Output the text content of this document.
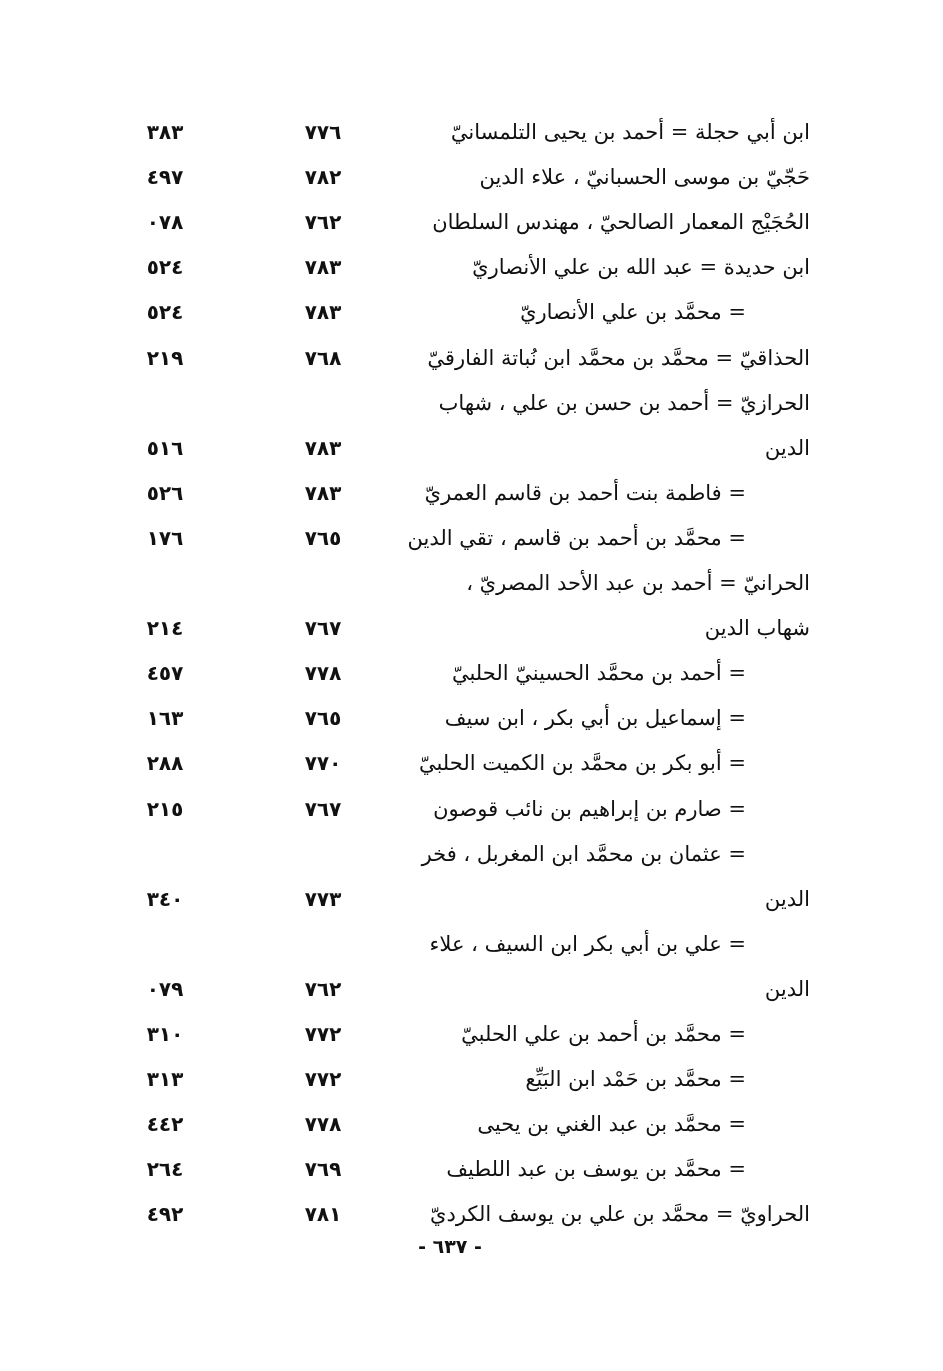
ابن أبي حجلة = أحمد بن يحيى التلمسانيّ
٧٧٦
٣٨٣
حَجّيّ بن موسى الحسبانيّ ، علاء الدين
٧٨٢
٤٩٧
الحُجَيْج المعمار الصالحيّ ، مهندس السلطان
٧٦٢
٠٧٨
ابن حديدة = عبد الله بن علي الأنصاريّ
٧٨٣
٥٢٤
= محمَّد بن علي الأنصاريّ
٧٨٣
٥٢٤
الحذاقيّ = محمَّد بن محمَّد ابن نُباتة الفارقيّ
٧٦٨
٢١٩
الحرازيّ = أحمد بن حسن بن علي ، شهاب
الدين
٧٨٣
٥١٦
= فاطمة بنت أحمد بن قاسم العمريّ
٧٨٣
٥٢٦
= محمَّد بن أحمد بن قاسم ، تقي الدين
٧٦٥
١٧٦
الحرانيّ = أحمد بن عبد الأحد المصريّ ،
شهاب الدين
٧٦٧
٢١٤
= أحمد بن محمَّد الحسينيّ الحلبيّ
٧٧٨
٤٥٧
= إسماعيل بن أبي بكر ، ابن سيف
٧٦٥
١٦٣
= أبو بكر بن محمَّد بن الكميت الحلبيّ
٧٧٠
٢٨٨
= صارم بن إبراهيم بن نائب قوصون
٧٦٧
٢١٥
= عثمان بن محمَّد ابن المغربل ، فخر
الدين
٧٧٣
٣٤٠
= علي بن أبي بكر ابن السيف ، علاء
الدين
٧٦٢
٠٧٩
= محمَّد بن أحمد بن علي الحلبيّ
٧٧٢
٣١٠
= محمَّد بن حَمْد ابن البَيِّع
٧٧٢
٣١٣
= محمَّد بن عبد الغني بن يحيى
٧٧٨
٤٤٢
= محمَّد بن يوسف بن عبد اللطيف
٧٦٩
٢٦٤
الحراويّ = محمَّد بن علي بن يوسف الكرديّ
٧٨١
٤٩٢
- ٦٣٧ -
